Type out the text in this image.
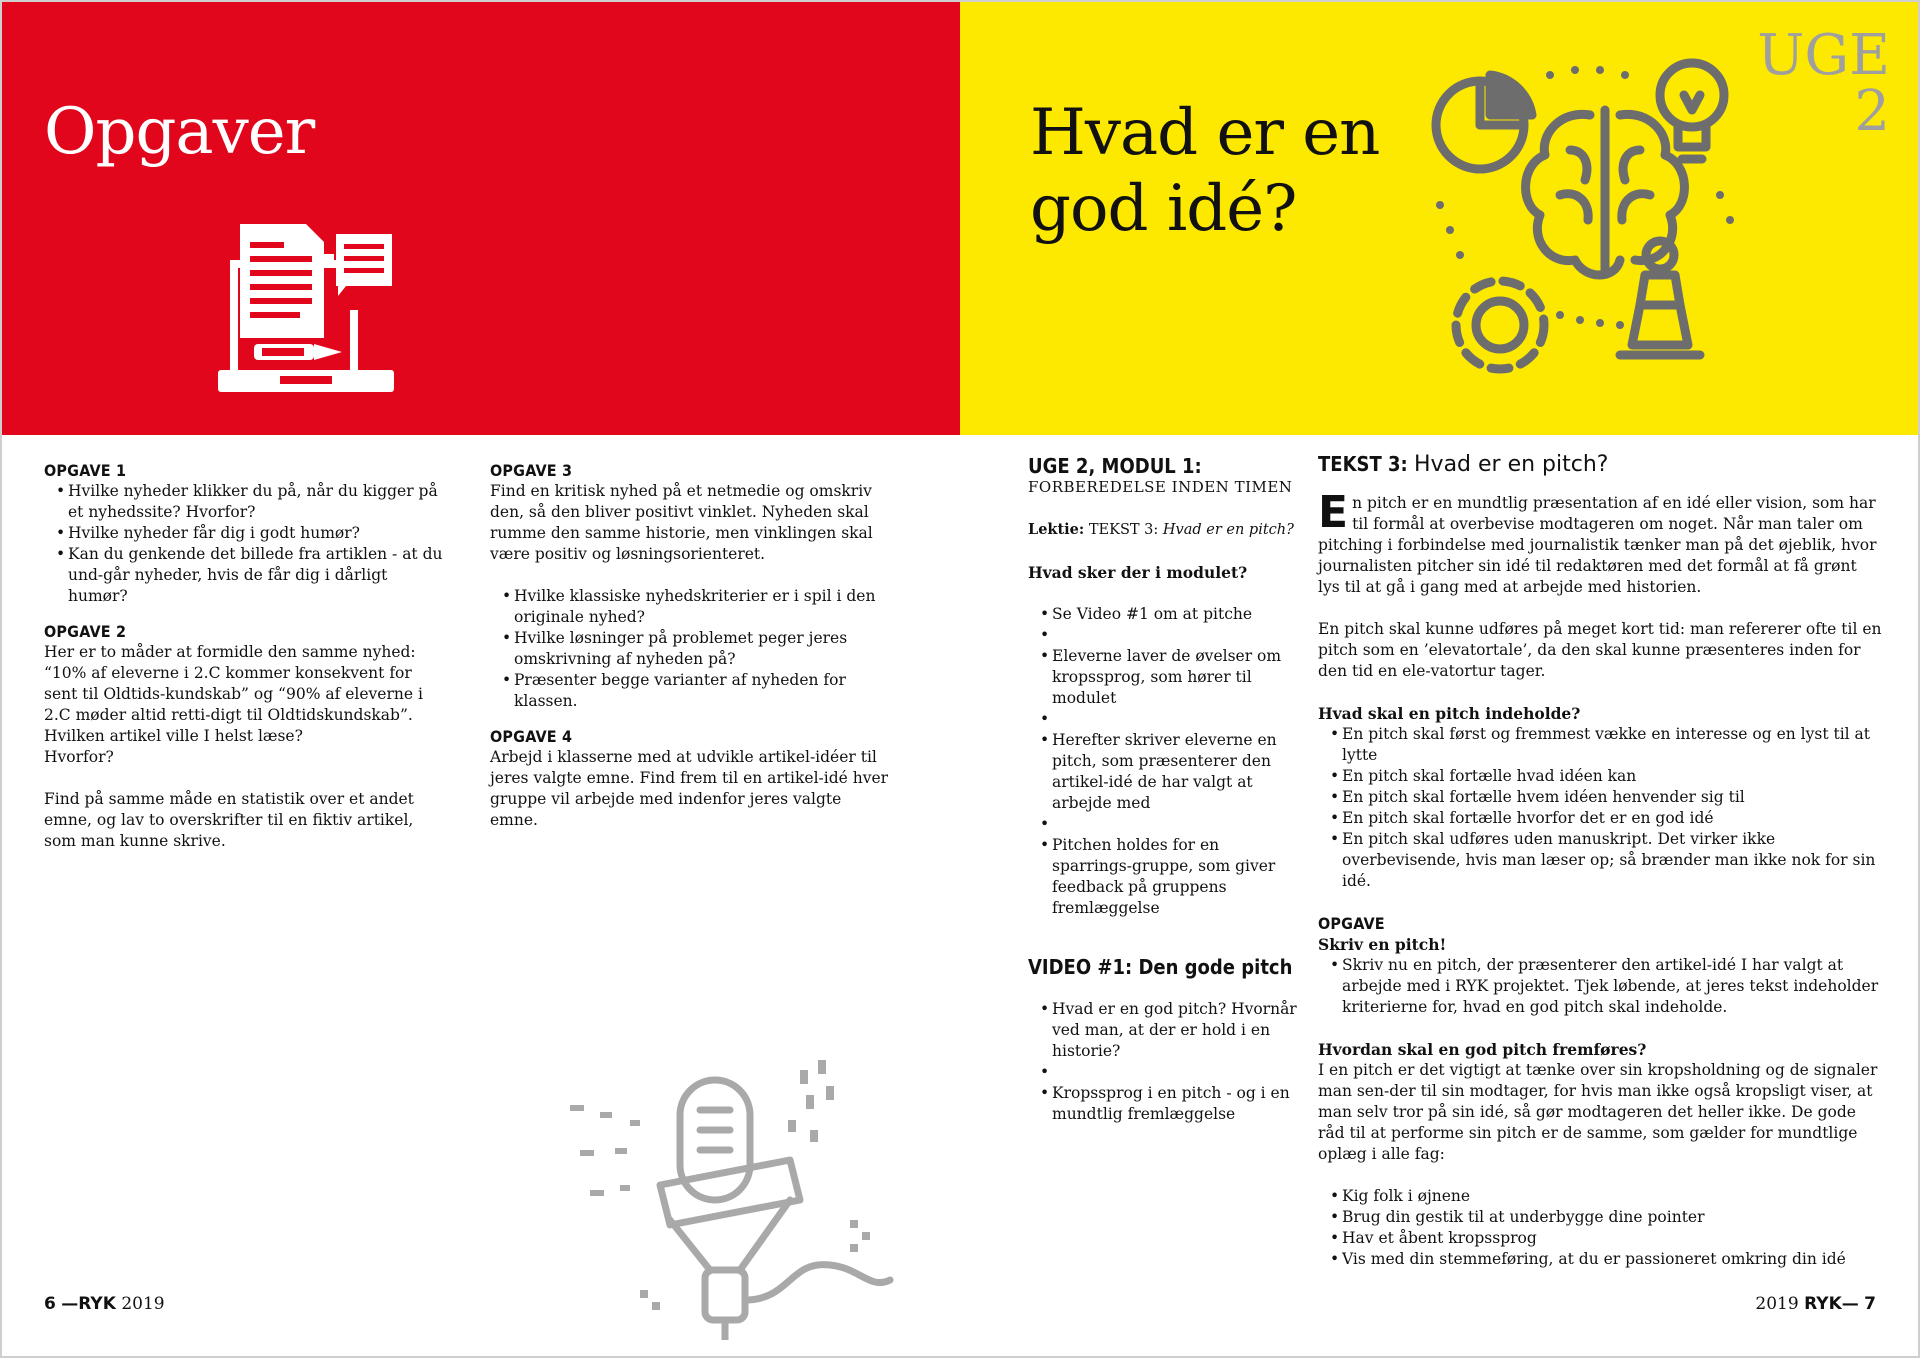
Opgaver	Hvad er en
god idé?
UGE
2
OPGAVE 1
• Hvilke nyheder klikker du på, når du kigger på et nyhedssite? Hvorfor?
• Hvilke nyheder får dig i godt humør?
• Kan du genkende det billede fra artiklen - at du und-går nyheder, hvis de får dig i dårligt humør?
OPGAVE 2
Her er to måder at formidle den samme nyhed: “10% af eleverne i 2.C kommer konsekvent for sent til Oldtids-kundskab” og “90% af eleverne i 2.C møder altid retti-digt til Oldtidskundskab”.
Hvilken artikel ville I helst læse?
Hvorfor?
Find på samme måde en statistik over et andet emne, og lav to overskrifter til en fiktiv artikel, som man kunne skrive.
OPGAVE 3
Find en kritisk nyhed på et netmedie og omskriv den, så den bliver positivt vinklet. Nyheden skal rumme den samme historie, men vinklingen skal være positiv og løsningsorienteret.
• Hvilke klassiske nyhedskriterier er i spil i den originale nyhed?
• Hvilke løsninger på problemet peger jeres omskrivning af nyheden på?
• Præsenter begge varianter af nyheden for klassen.
OPGAVE 4
Arbejd i klasserne med at udvikle artikel-idéer til jeres valgte emne. Find frem til en artikel-idé hver gruppe vil arbejde med indenfor jeres valgte emne.
UGE 2, MODUL 1:
FORBEREDELSE INDEN TIMEN
Lektie: TEKST 3: Hvad er en pitch?
Hvad sker der i modulet?
• Se Video #1 om at pitche
•
• Eleverne laver de øvelser om kropssprog, som hører til modulet
•
• Herefter skriver eleverne en pitch, som præsenterer den artikel-idé de har valgt at arbejde med
•
• Pitchen holdes for en sparrings-gruppe, som giver feedback på gruppens fremlæggelse
VIDEO #1: Den gode pitch
• Hvad er en god pitch? Hvornår ved man, at der er hold i en historie?
•
• Kropssprog i en pitch - og i en mundtlig fremlæggelse
TEKST 3: Hvad er en pitch?
E n pitch er en mundtlig præsentation af en idé eller vision, som har til formål at overbevise modtageren om noget. Når man taler om pitching i forbindelse med journalistik tænker man på det øjeblik, hvor journalisten pitcher sin idé til redaktøren med det formål at få grønt lys til at gå i gang med at arbejde med historien.
En pitch skal kunne udføres på meget kort tid: man refererer ofte til en pitch som en ’elevatortale’, da den skal kunne præsenteres inden for den tid en ele-vatortur tager.
Hvad skal en pitch indeholde?
• En pitch skal først og fremmest vække en interesse og en lyst til at lytte
• En pitch skal fortælle hvad idéen kan
• En pitch skal fortælle hvem idéen henvender sig til
• En pitch skal fortælle hvorfor det er en god idé
• En pitch skal udføres uden manuskript. Det virker ikke overbevisende, hvis man læser op; så brænder man ikke nok for sin idé.
OPGAVE
Skriv en pitch!
• Skriv nu en pitch, der præsenterer den artikel-idé I har valgt at arbejde med i RYK projektet. Tjek løbende, at jeres tekst indeholder kriterierne for, hvad en god pitch skal indeholde.
Hvordan skal en god pitch fremføres?
I en pitch er det vigtigt at tænke over sin kropsholdning og de signaler man sen-der til sin modtager, for hvis man ikke også kropsligt viser, at man selv tror på sin idé, så gør modtageren det heller ikke. De gode råd til at performe sin pitch er de samme, som gælder for mundtlige oplæg i alle fag:
• Kig folk i øjnene
• Brug din gestik til at underbygge dine pointer
• Hav et åbent kropssprog
• Vis med din stemmeføring, at du er passioneret omkring din idé
6 —RYK 2019	2019 RYK— 7
